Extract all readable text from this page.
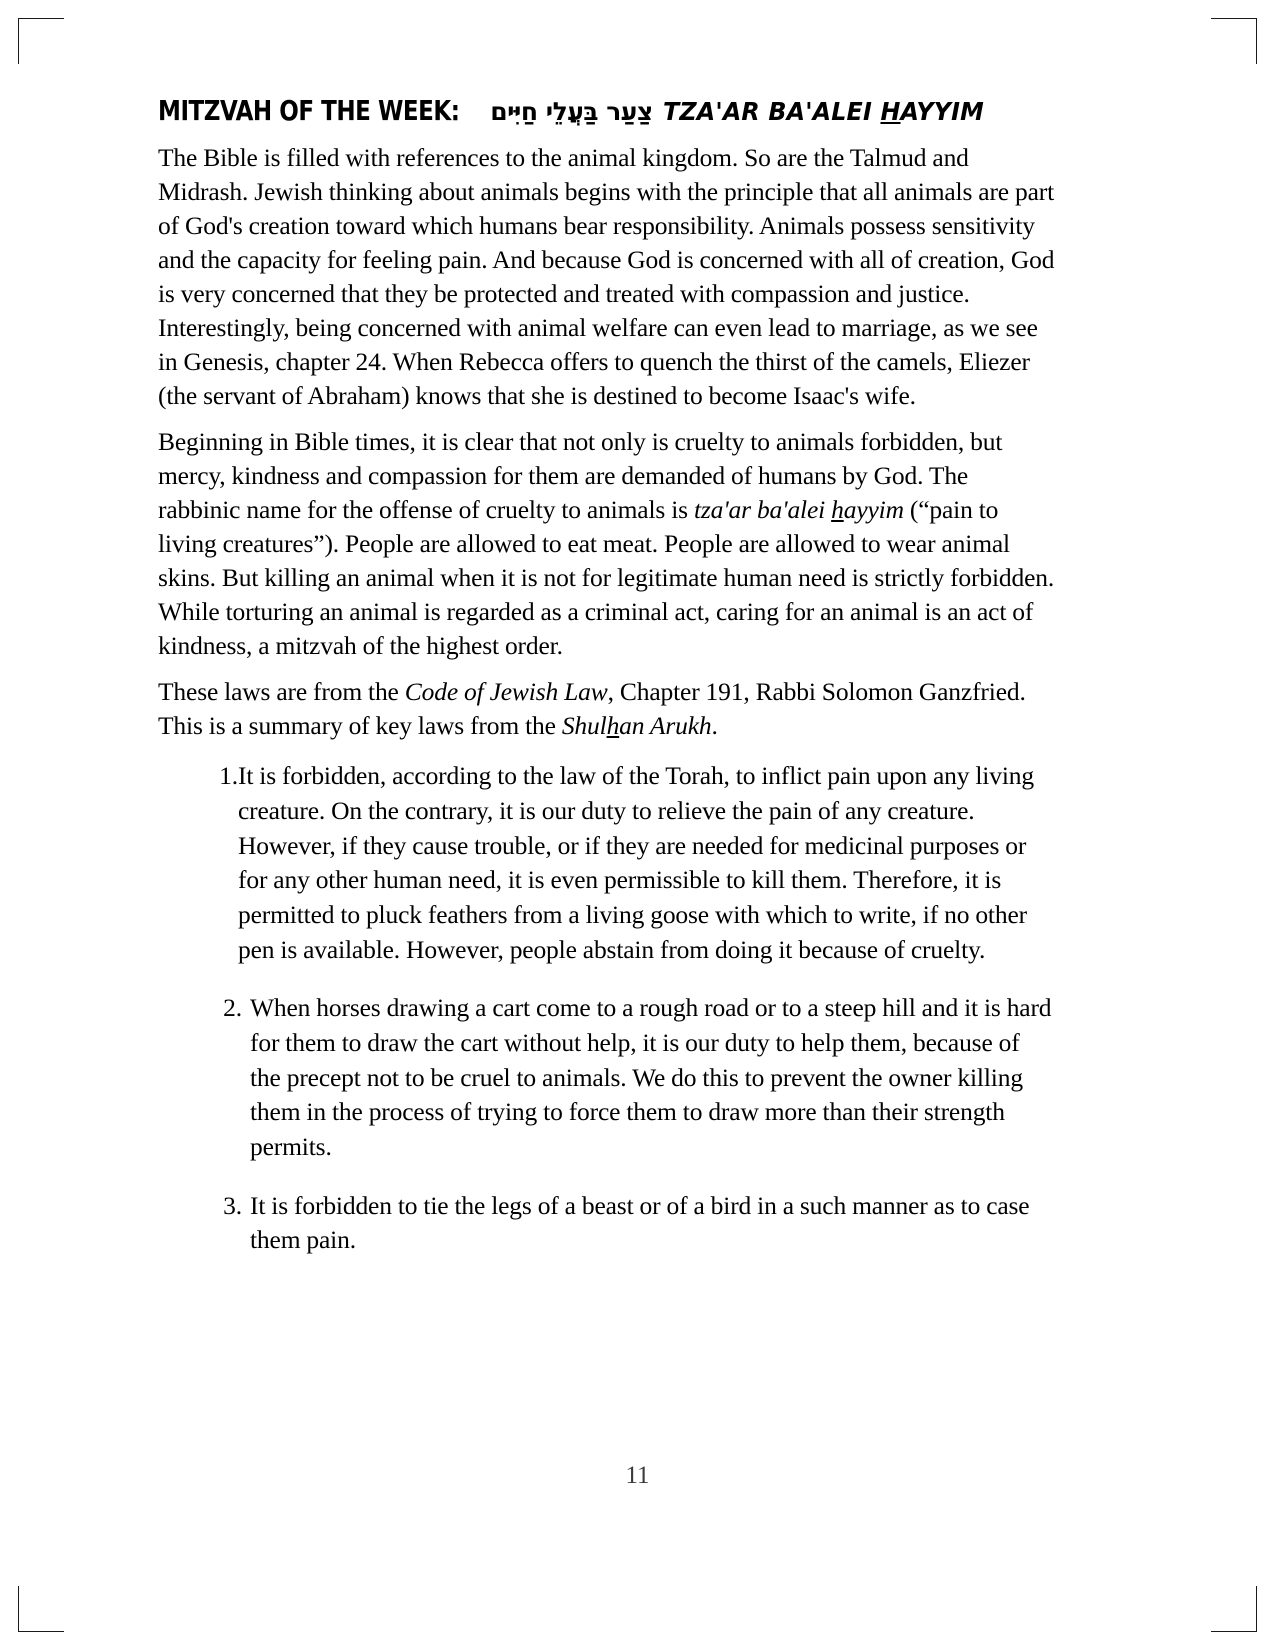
MITZVAH OF THE WEEK:	צַעַר בַּעֲלֵי חַיִּים TZA'AR BA'ALEI HAYYIM

The Bible is filled with references to the animal kingdom. So are the Talmud and Midrash. Jewish thinking about animals begins with the principle that all animals are part of God's creation toward which humans bear responsibility. Animals possess sensitivity and the capacity for feeling pain. And because God is concerned with all of creation, God is very concerned that they be protected and treated with compassion and justice. Interestingly, being concerned with animal welfare can even lead to marriage, as we see in Genesis, chapter 24. When Rebecca offers to quench the thirst of the camels, Eliezer (the servant of Abraham) knows that she is destined to become Isaac's wife.

Beginning in Bible times, it is clear that not only is cruelty to animals forbidden, but mercy, kindness and compassion for them are demanded of humans by God. The rabbinic name for the offense of cruelty to animals is tza'ar ba'alei hayyim (“pain to living creatures”). People are allowed to eat meat. People are allowed to wear animal skins. But killing an animal when it is not for legitimate human need is strictly forbidden. While torturing an animal is regarded as a criminal act, caring for an animal is an act of kindness, a mitzvah of the highest order.

These laws are from the Code of Jewish Law, Chapter 191, Rabbi Solomon Ganzfried. This is a summary of key laws from the Shulhan Arukh.

1. It is forbidden, according to the law of the Torah, to inflict pain upon any living creature. On the contrary, it is our duty to relieve the pain of any creature. However, if they cause trouble, or if they are needed for medicinal purposes or for any other human need, it is even permissible to kill them. Therefore, it is permitted to pluck feathers from a living goose with which to write, if no other pen is available. However, people abstain from doing it because of cruelty.
2. When horses drawing a cart come to a rough road or to a steep hill and it is hard for them to draw the cart without help, it is our duty to help them, because of the precept not to be cruel to animals. We do this to prevent the owner killing them in the process of trying to force them to draw more than their strength permits.
3. It is forbidden to tie the legs of a beast or of a bird in a such manner as to case them pain.
11
